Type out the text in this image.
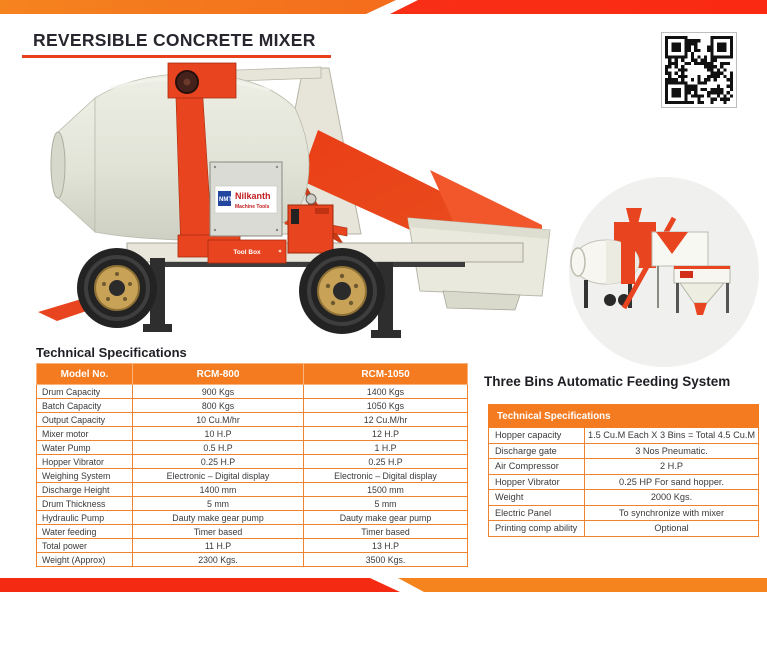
REVERSIBLE CONCRETE MIXER
NMT Nilkanth
Machine Tools
Tool Box
Technical Specifications
Model No.	RCM-800	RCM-1050
Drum Capacity	900 Kgs	1400 Kgs
Batch Capacity	800 Kgs	1050 Kgs
Output Capacity	10 Cu.M/hr	12 Cu.M/hr
Mixer motor	10 H.P	12 H.P
Water Pump	0.5 H.P	1 H.P
Hopper Vibrator	0.25 H.P	0.25 H.P
Weighing System	Electronic – Digital display	Electronic – Digital display
Discharge Height	1400 mm	1500 mm
Drum Thickness	5 mm	5 mm
Hydraulic Pump	Dauty make gear pump	Dauty make gear pump
Water feeding	Timer based	Timer based
Total power	11 H.P	13 H.P
Weight (Approx)	2300 Kgs.	3500 Kgs.
Three Bins Automatic Feeding System
Technical Specifications	
Hopper capacity	1.5 Cu.M Each X 3 Bins = Total 4.5 Cu.M
Discharge gate	3 Nos Pneumatic.
Air Compressor	2 H.P
Hopper Vibrator	0.25 HP For sand hopper.
Weight	2000 Kgs.
Electric Panel	To synchronize with mixer
Printing comp ability	Optional
